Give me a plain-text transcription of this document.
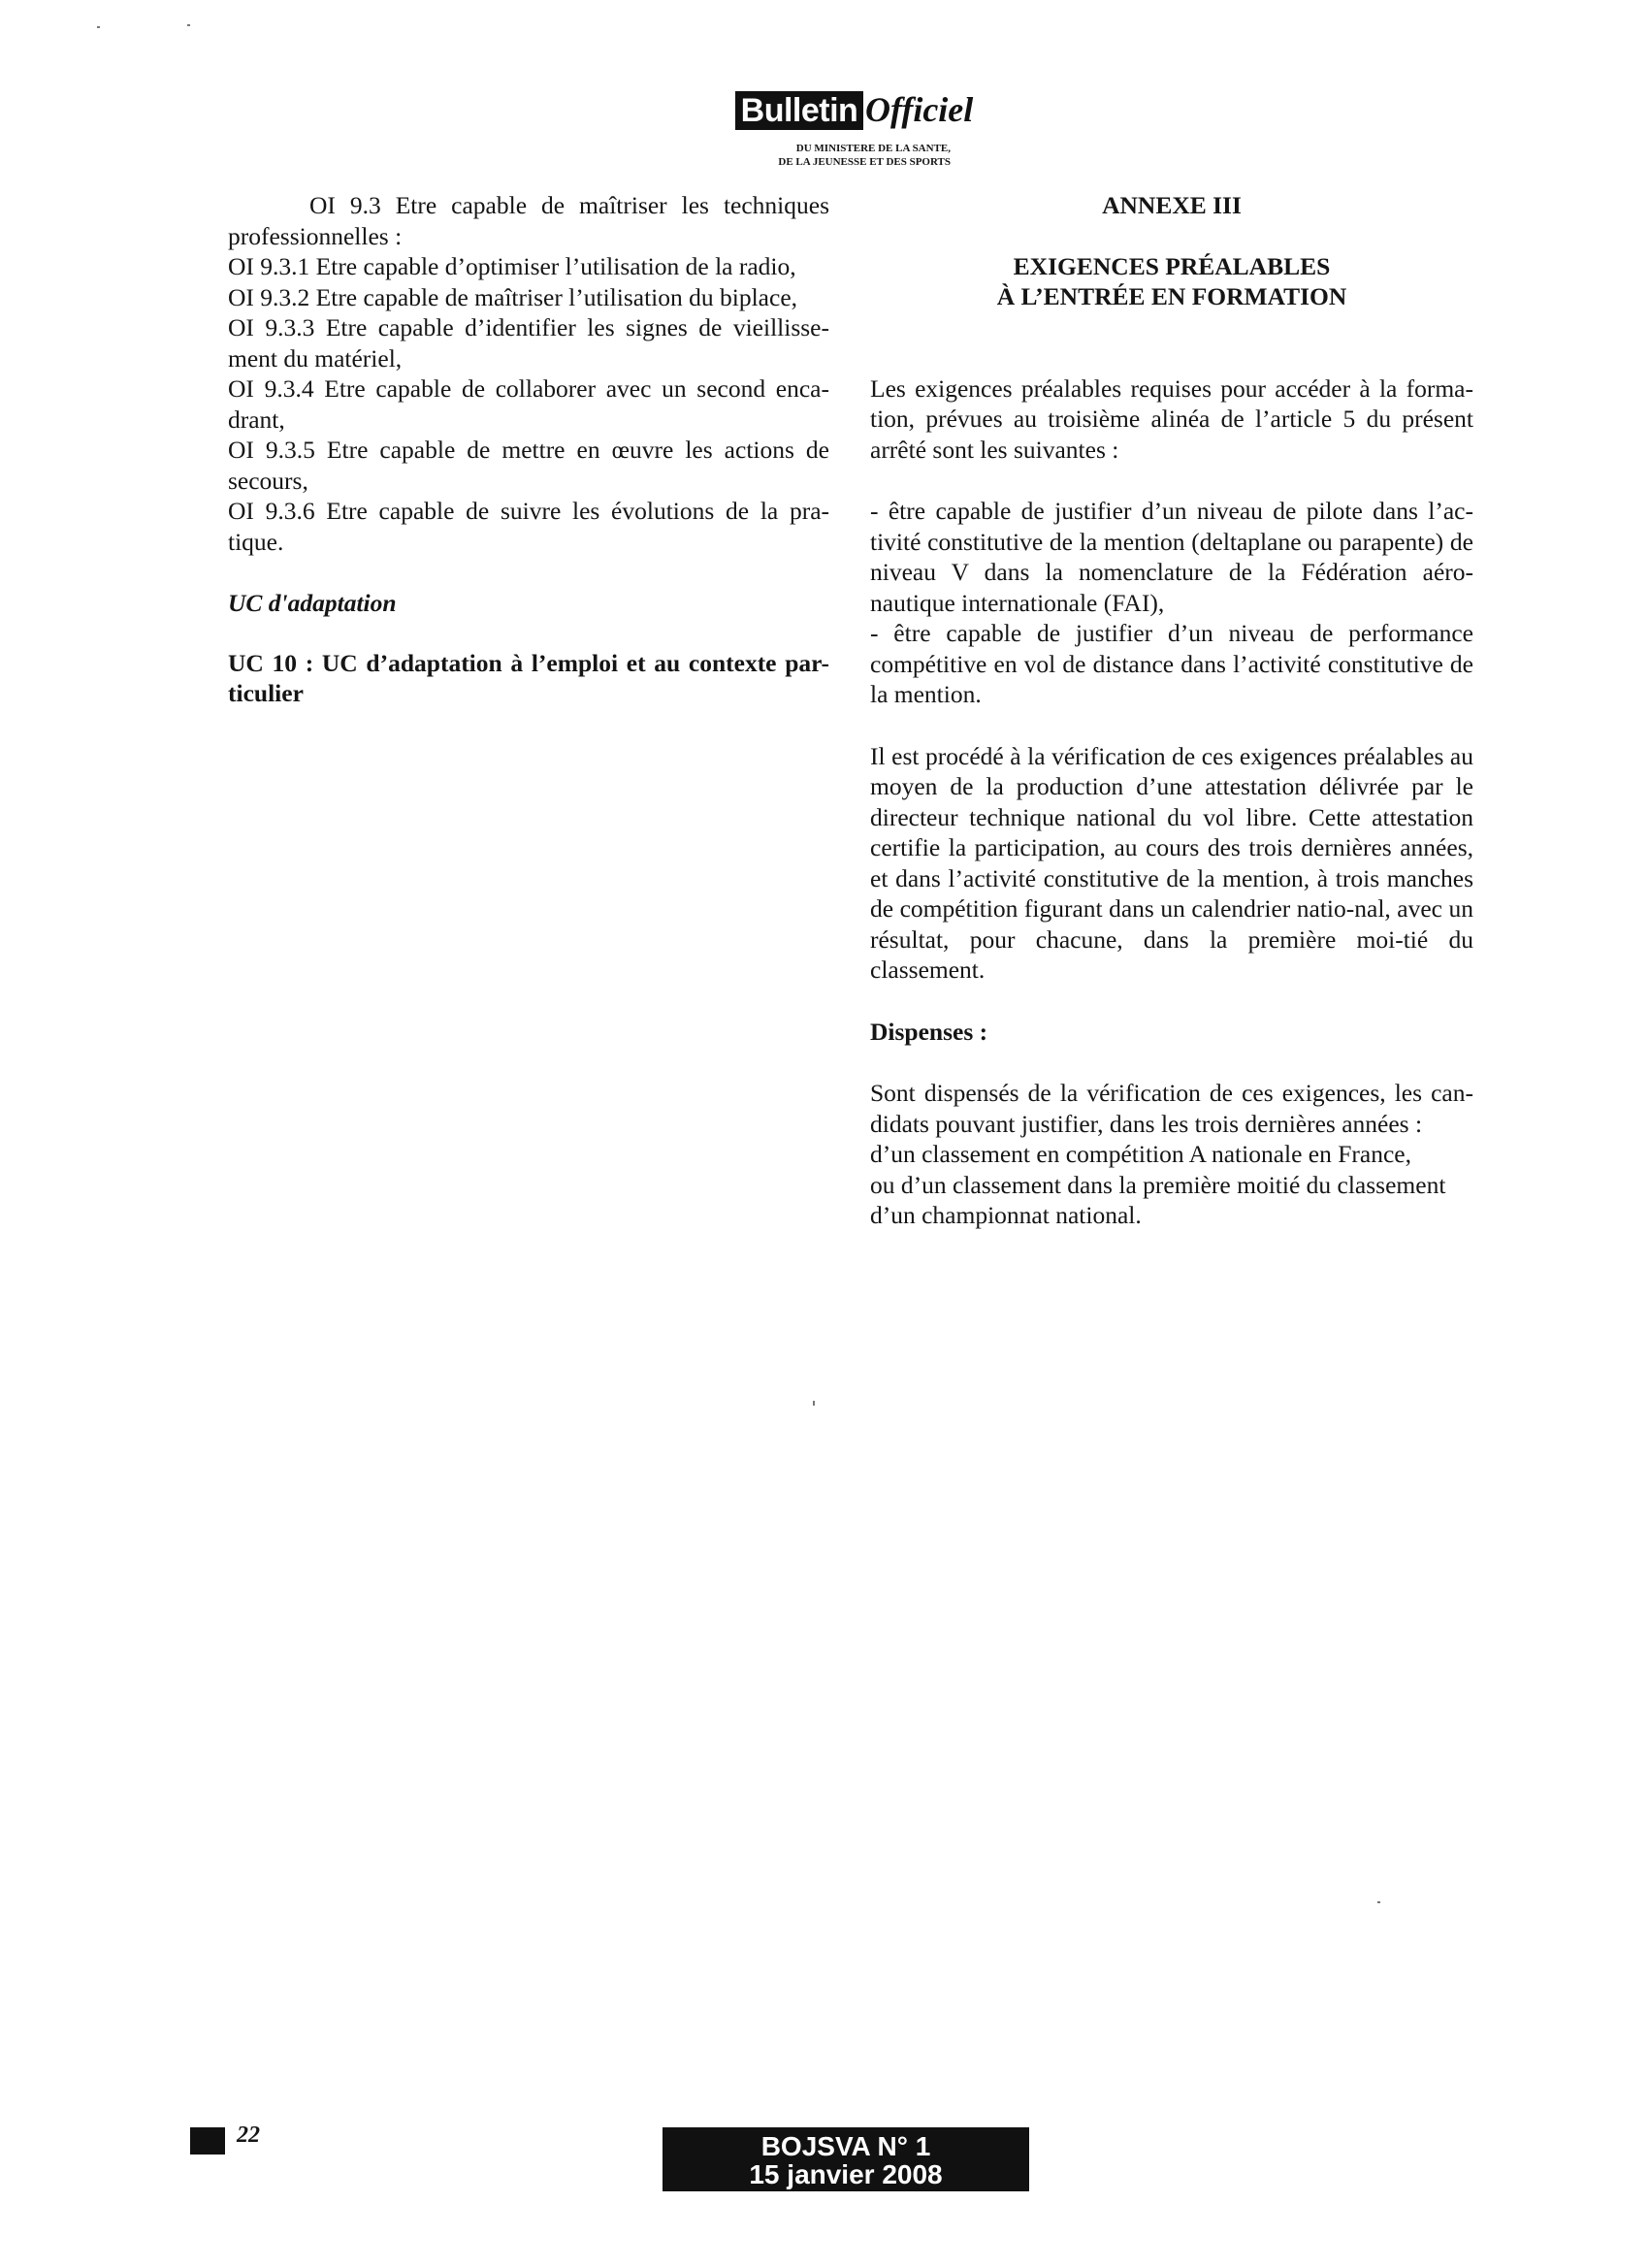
Bulletin Officiel
DU MINISTERE DE LA SANTE,
DE LA JEUNESSE ET DES SPORTS

OI 9.3 Etre capable de maîtriser les techniques

professionnelles :

OI 9.3.1 Etre capable d’optimiser l’utilisation de la radio,

OI 9.3.2 Etre capable de maîtriser l’utilisation du biplace,

OI 9.3.3 Etre capable d’identifier les signes de vieillisse-ment du matériel,

OI 9.3.4 Etre capable de collaborer avec un second enca-drant,

OI 9.3.5 Etre capable de mettre en œuvre les actions de secours,

OI 9.3.6 Etre capable de suivre les évolutions de la pra-tique.

UC d'adaptation

UC 10 : UC d’adaptation à l’emploi et au contexte par-ticulier

ANNEXE III

EXIGENCES PRÉALABLES

À L’ENTRÉE EN FORMATION

Les exigences préalables requises pour accéder à la forma-tion, prévues au troisième alinéa de l’article 5 du présent arrêté sont les suivantes :

- être capable de justifier d’un niveau de pilote dans l’ac-tivité constitutive de la mention (deltaplane ou parapente) de niveau V dans la nomenclature de la Fédération aéro-nautique internationale (FAI),

- être capable de justifier d’un niveau de performance compétitive en vol de distance dans l’activité constitutive de la mention.

Il est procédé à la vérification de ces exigences préalables au moyen de la production d’une attestation délivrée par le directeur technique national du vol libre. Cette attestation certifie la participation, au cours des trois dernières années, et dans l’activité constitutive de la mention, à trois manches de compétition figurant dans un calendrier natio-nal, avec un résultat, pour chacune, dans la première moi-tié du classement.

Dispenses :

Sont dispensés de la vérification de ces exigences, les can-didats pouvant justifier, dans les trois dernières années :

d’un classement en compétition A nationale en France,

ou d’un classement dans la première moitié du classement

d’un championnat national.

22	BOJSVA N° 1
15 janvier 2008
